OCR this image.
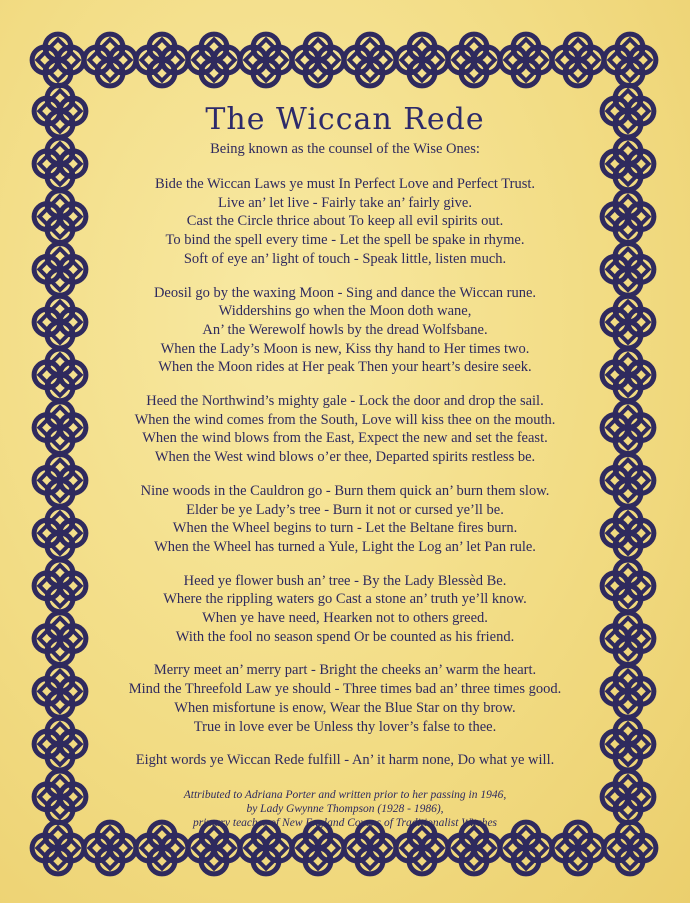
The Wiccan Rede
Being known as the counsel of the Wise Ones:
Bide the Wiccan Laws ye must In Perfect Love and Perfect Trust.
Live an’ let live - Fairly take an’ fairly give.
Cast the Circle thrice about To keep all evil spirits out.
To bind the spell every time - Let the spell be spake in rhyme.
Soft of eye an’ light of touch - Speak little, listen much.
Deosil go by the waxing Moon - Sing and dance the Wiccan rune.
Widdershins go when the Moon doth wane,
An’ the Werewolf howls by the dread Wolfsbane.
When the Lady’s Moon is new, Kiss thy hand to Her times two.
When the Moon rides at Her peak Then your heart’s desire seek.
Heed the Northwind’s mighty gale - Lock the door and drop the sail.
When the wind comes from the South, Love will kiss thee on the mouth.
When the wind blows from the East, Expect the new and set the feast.
When the West wind blows o’er thee, Departed spirits restless be.
Nine woods in the Cauldron go - Burn them quick an’ burn them slow.
Elder be ye Lady’s tree - Burn it not or cursed ye’ll be.
When the Wheel begins to turn - Let the Beltane fires burn.
When the Wheel has turned a Yule, Light the Log an’ let Pan rule.
Heed ye flower bush an’ tree - By the Lady Blessèd Be.
Where the rippling waters go Cast a stone an’ truth ye’ll know.
When ye have need, Hearken not to others greed.
With the fool no season spend Or be counted as his friend.
Merry meet an’ merry part - Bright the cheeks an’ warm the heart.
Mind the Threefold Law ye should - Three times bad an’ three times good.
When misfortune is enow, Wear the Blue Star on thy brow.
True in love ever be Unless thy lover’s false to thee.
Eight words ye Wiccan Rede fulfill - An’ it harm none, Do what ye will.
Attributed to Adriana Porter and written prior to her passing in 1946,
by Lady Gwynne Thompson (1928 - 1986),
primary teacher of New England Covens of Traditionalist Witches
